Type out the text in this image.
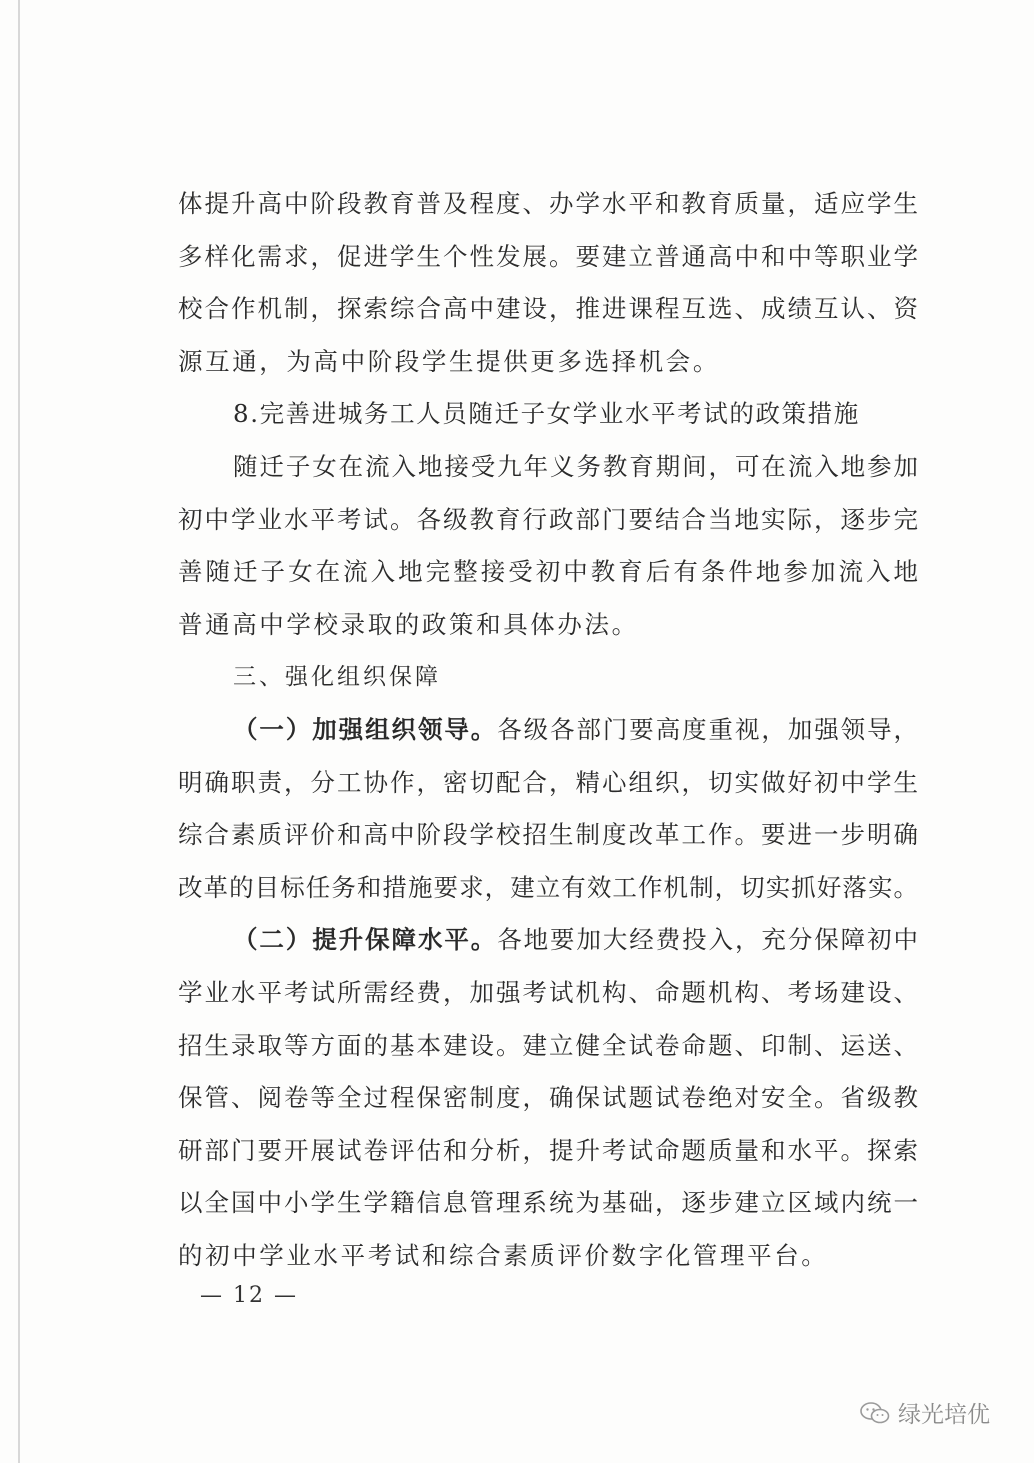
体提升高中阶段教育普及程度、办学水平和教育质量，适应学生
多样化需求，促进学生个性发展。要建立普通高中和中等职业学
校合作机制，探索综合高中建设，推进课程互选、成绩互认、资
源互通，为高中阶段学生提供更多选择机会。
8.完善进城务工人员随迁子女学业水平考试的政策措施
随迁子女在流入地接受九年义务教育期间，可在流入地参加
初中学业水平考试。各级教育行政部门要结合当地实际，逐步完
善随迁子女在流入地完整接受初中教育后有条件地参加流入地
普通高中学校录取的政策和具体办法。
三、强化组织保障
（一）加强组织领导。各级各部门要高度重视，加强领导，
明确职责，分工协作，密切配合，精心组织，切实做好初中学生
综合素质评价和高中阶段学校招生制度改革工作。要进一步明确
改革的目标任务和措施要求，建立有效工作机制，切实抓好落实。
（二）提升保障水平。各地要加大经费投入，充分保障初中
学业水平考试所需经费，加强考试机构、命题机构、考场建设、
招生录取等方面的基本建设。建立健全试卷命题、印制、运送、
保管、阅卷等全过程保密制度，确保试题试卷绝对安全。省级教
研部门要开展试卷评估和分析，提升考试命题质量和水平。探索
以全国中小学生学籍信息管理系统为基础，逐步建立区域内统一
的初中学业水平考试和综合素质评价数字化管理平台。
— 12 —
绿光培优
